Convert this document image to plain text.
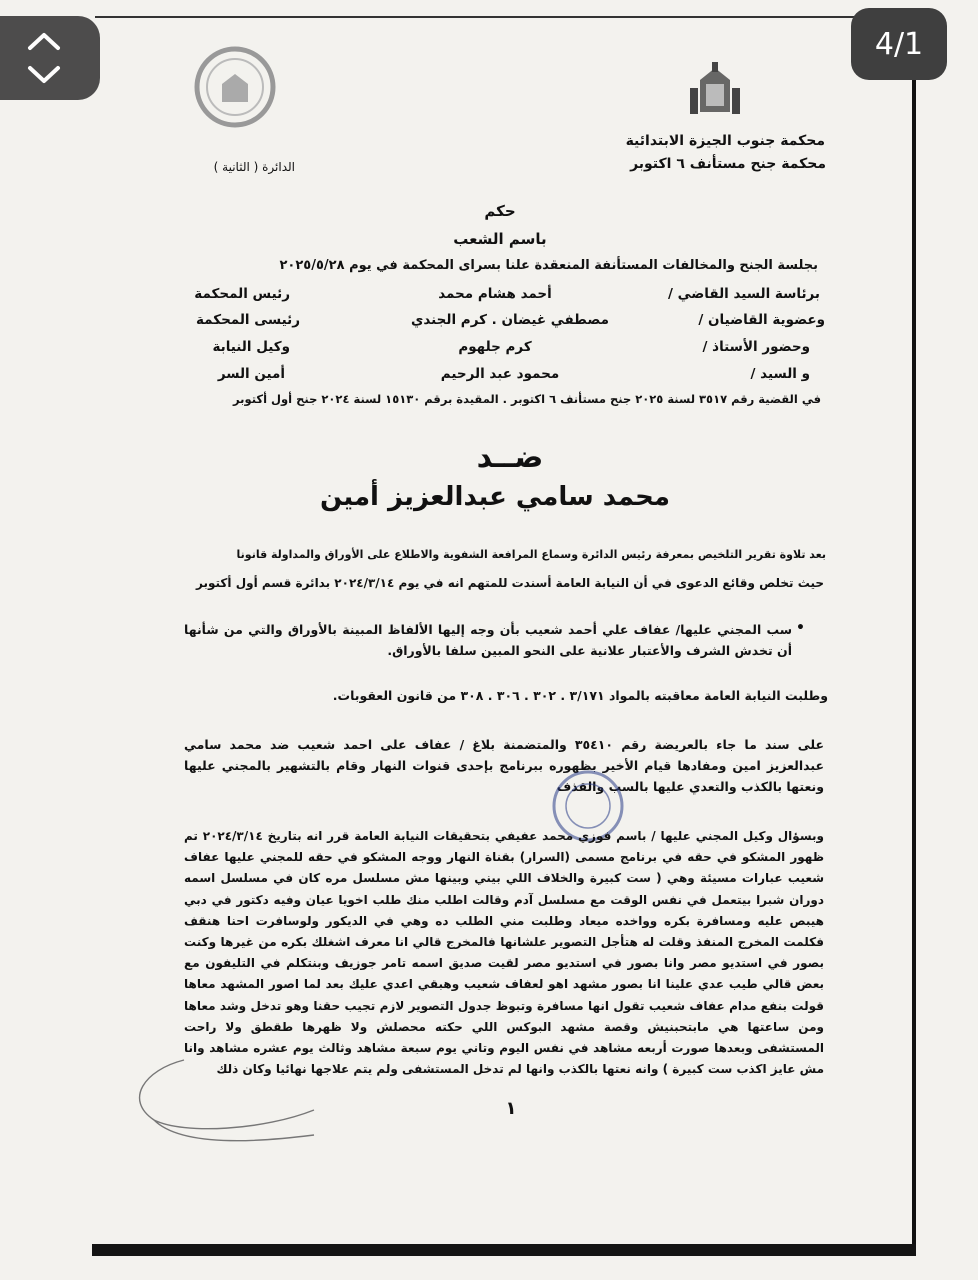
محكمة جنوب الجيزة الابتدائية
محكمة جنح مستأنف ٦ اكتوبر
الدائرة ( الثانية )
حكم
باسم الشعب
بجلسة الجنح والمخالفات المستأنفة المنعقدة علنا بسراى المحكمة في يوم ٢٠٢٥/٥/٢٨
برئاسة السيد القاضي /
أحمد هشام محمد
رئيس المحكمة
وعضوية القاضيان /
مصطفي غيضان . كرم الجندي
رئيسى المحكمة
وحضور الأستاذ /
كرم جلهوم
وكيل النيابة
و السيد /
محمود عبد الرحيم
أمين السر
في القضية رقم ٣٥١٧ لسنة ٢٠٢٥ جنح مستأنف ٦ اكتوبر . المقيدة برقم ١٥١٣٠ لسنة ٢٠٢٤ جنح أول أكتوبر
ضــد
محمد سامي عبدالعزيز أمين
بعد تلاوة تقرير التلخيص بمعرفة رئيس الدائرة وسماع المرافعة الشفوية والاطلاع على الأوراق والمداولة قانونا
حيث تخلص وقائع الدعوى في أن النيابة العامة أسندت للمتهم انه في يوم ٢٠٢٤/٣/١٤ بدائرة قسم أول أكتوبر
سب المجني عليها/ عفاف علي أحمد شعيب بأن وجه إليها الألفاظ المبينة بالأوراق والتي من شأنها أن تخدش الشرف والأعتبار علانية على النحو المبين سلفا بالأوراق.
•
وطلبت النيابة العامة معاقبته بالمواد ٣/١٧١ . ٣٠٢ . ٣٠٦ . ٣٠٨ من قانون العقوبات.
على سند ما جاء بالعريضة رقم ٣٥٤١٠ والمتضمنة بلاغ / عفاف على احمد شعيب ضد محمد سامي عبدالعزيز امين ومفادها قيام الأخير بظهوره ببرنامج بإحدى قنوات النهار وقام بالتشهير بالمجني عليها ونعتها بالكذب والتعدي عليها بالسب والقذف
وبسؤال وكيل المجني عليها / باسم فوزي محمد عفيفي بتحقيقات النيابة العامة قرر انه بتاريخ ٢٠٢٤/٣/١٤ تم ظهور المشكو في حقه في برنامج مسمى (السرار) بقناة النهار ووجه المشكو في حقه للمجني عليها عفاف شعيب عبارات مسيئة وهي ( ست كبيرة والخلاف اللي بيني وبينها مش مسلسل مره كان في مسلسل اسمه دوران شبرا بيتعمل في نفس الوقت مع مسلسل آدم وقالت اطلب منك طلب اخويا عيان وفيه دكتور في دبي هيبص عليه ومسافرة بكره وواخده ميعاد وطلبت مني الطلب ده وهي في الديكور ولوسافرت احنا هنقف فكلمت المخرج المنفذ وقلت له هتأجل التصوير علشانها فالمخرج قالي انا معرف اشغلك بكره من غيرها وكنت بصور في استديو مصر وانا بصور في استديو مصر لقيت صديق اسمه تامر جوزيف وبنتكلم في التليفون مع بعض قالي طيب عدي علينا انا بصور مشهد اهو لعفاف شعيب وهبقي اعدي عليك بعد لما اصور المشهد معاها قولت بنفع مدام عفاف شعيب تقول انها مسافرة وتبوظ جدول التصوير لازم تجيب حقنا وهو تدخل وشد معاها ومن ساعتها هي مابتحبنيش وقصة مشهد البوكس اللي حكته محصلش ولا ظهرها طقطق ولا راحت المستشفى وبعدها صورت أربعه مشاهد في نفس اليوم وتاني يوم سبعة مشاهد وثالث يوم عشره مشاهد وانا مش عايز اكذب ست كبيرة ) وانه نعتها بالكذب وانها لم تدخل المستشفى ولم يتم علاجها نهائيا وكان ذلك
١
4/1
